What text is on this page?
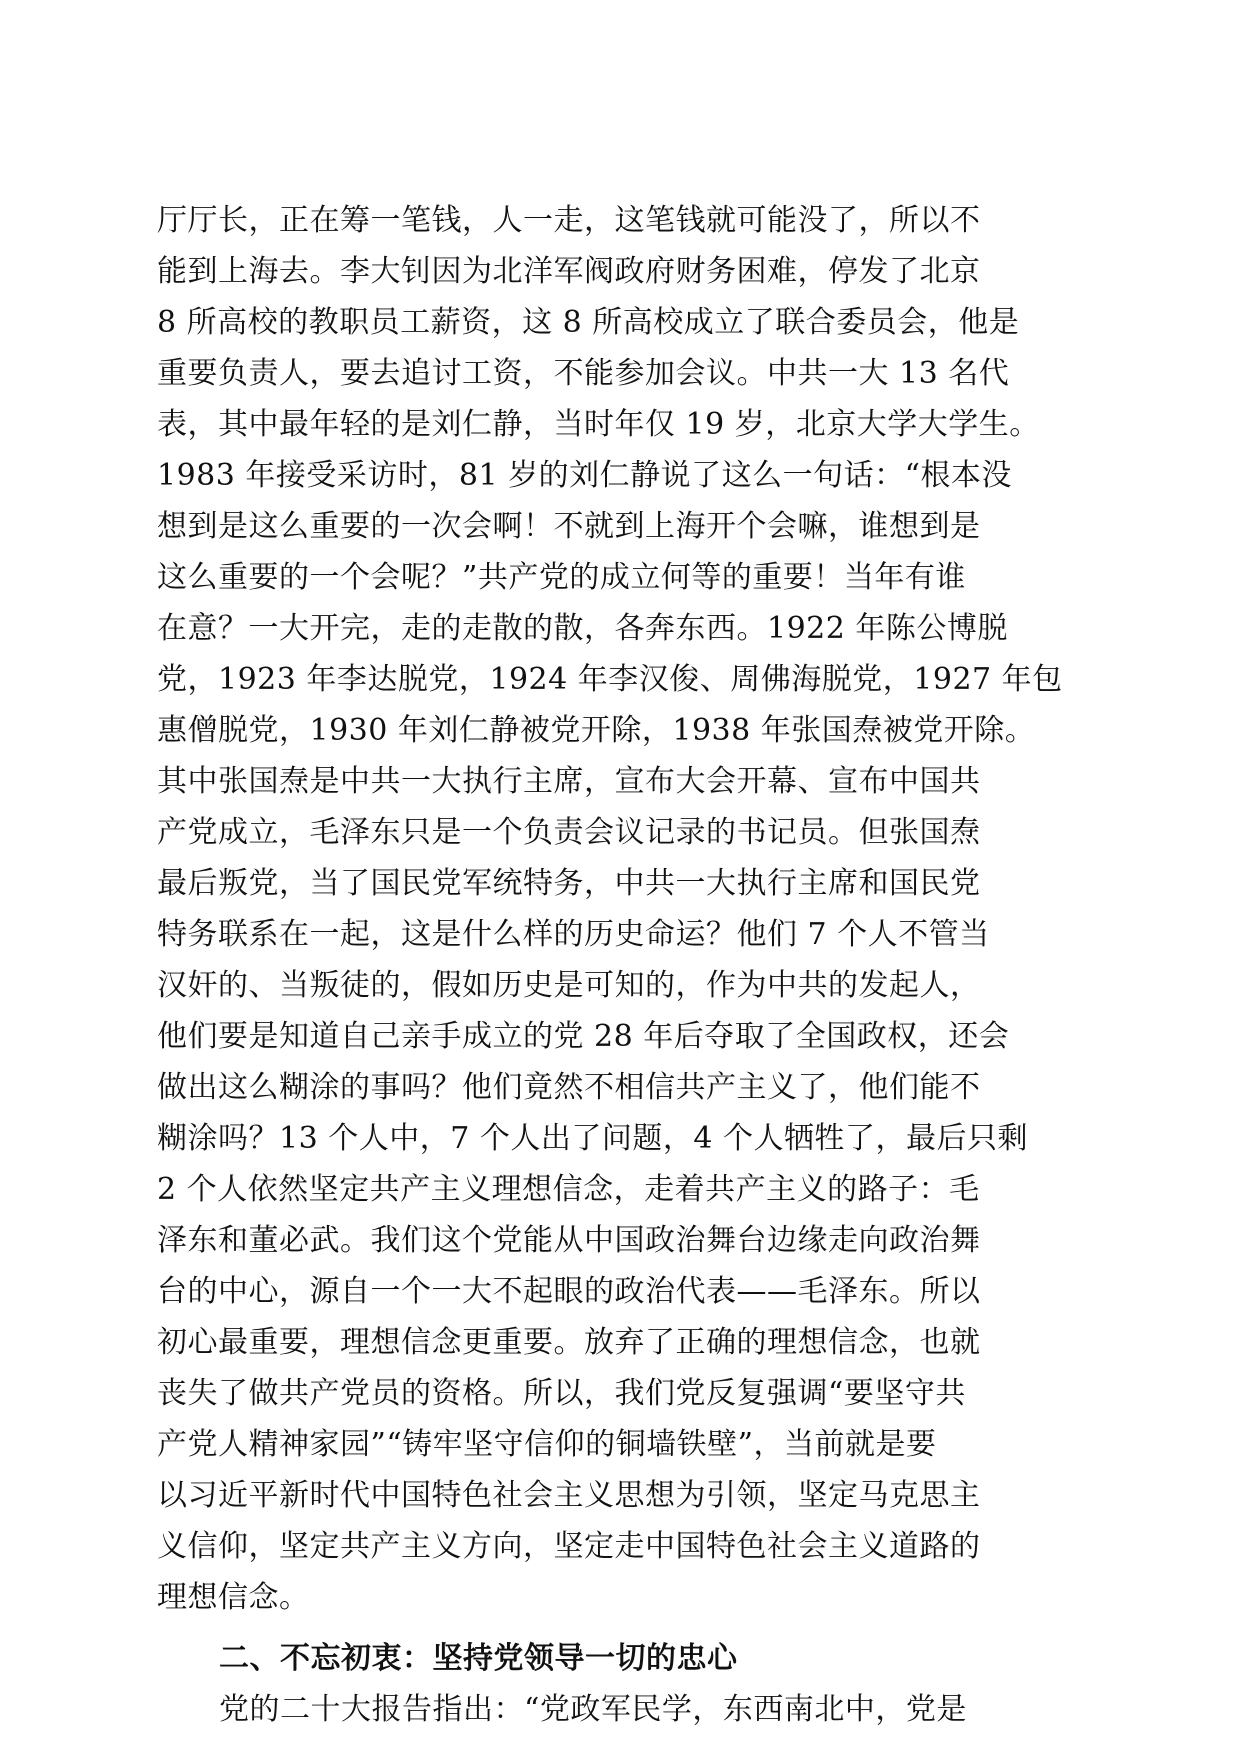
厅厅长，正在筹一笔钱，人一走，这笔钱就可能没了，所以不
能到上海去。李大钊因为北洋军阀政府财务困难，停发了北京
8 所高校的教职员工薪资，这 8 所高校成立了联合委员会，他是
重要负责人，要去追讨工资，不能参加会议。中共一大 13 名代
表，其中最年轻的是刘仁静，当时年仅 19 岁，北京大学大学生。
1983 年接受采访时，81 岁的刘仁静说了这么一句话：“根本没
想到是这么重要的一次会啊！不就到上海开个会嘛，谁想到是
这么重要的一个会呢？”共产党的成立何等的重要！当年有谁
在意？一大开完，走的走散的散，各奔东西。1922 年陈公博脱
党，1923 年李达脱党，1924 年李汉俊、周佛海脱党，1927 年包
惠僧脱党，1930 年刘仁静被党开除，1938 年张国焘被党开除。
其中张国焘是中共一大执行主席，宣布大会开幕、宣布中国共
产党成立，毛泽东只是一个负责会议记录的书记员。但张国焘
最后叛党，当了国民党军统特务，中共一大执行主席和国民党
特务联系在一起，这是什么样的历史命运？他们 7 个人不管当
汉奸的、当叛徒的，假如历史是可知的，作为中共的发起人，
他们要是知道自己亲手成立的党 28 年后夺取了全国政权，还会
做出这么糊涂的事吗？他们竟然不相信共产主义了，他们能不
糊涂吗？13 个人中，7 个人出了问题，4 个人牺牲了，最后只剩
2 个人依然坚定共产主义理想信念，走着共产主义的路子：毛
泽东和董必武。我们这个党能从中国政治舞台边缘走向政治舞
台的中心，源自一个一大不起眼的政治代表——毛泽东。所以
初心最重要，理想信念更重要。放弃了正确的理想信念，也就
丧失了做共产党员的资格。所以，我们党反复强调“要坚守共
产党人精神家园”“铸牢坚守信仰的铜墙铁壁”，当前就是要
以习近平新时代中国特色社会主义思想为引领，坚定马克思主
义信仰，坚定共产主义方向，坚定走中国特色社会主义道路的
理想信念。
二、不忘初衷：坚持党领导一切的忠心
党的二十大报告指出：“党政军民学，东西南北中，党是
